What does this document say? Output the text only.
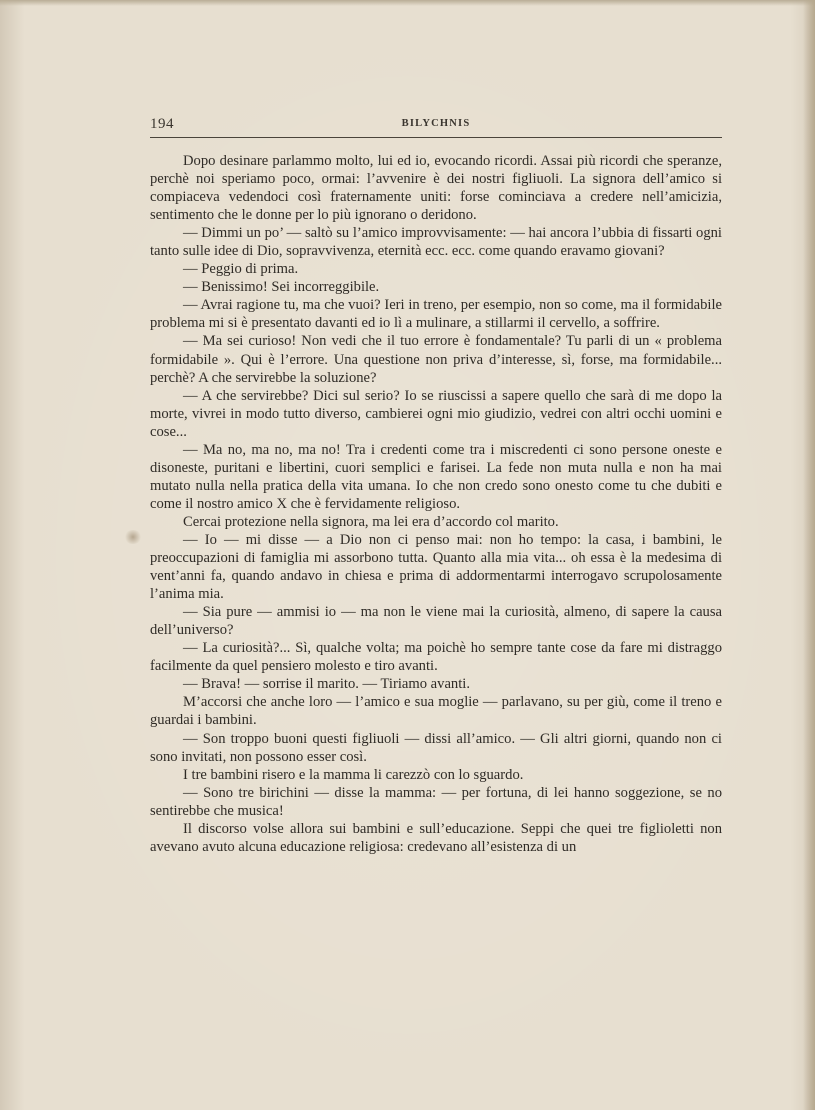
194	BILYCHNIS

Dopo desinare parlammo molto, lui ed io, evocando ricordi. Assai più ricordi che speranze, perchè noi speriamo poco, ormai: l’avvenire è dei nostri figliuoli. La signora dell’amico si compiaceva vedendoci così fraternamente uniti: forse cominciava a credere nell’amicizia, sentimento che le donne per lo più ignorano o deridono.

— Dimmi un po’ — saltò su l’amico improvvisamente: — hai ancora l’ubbia di fissarti ogni tanto sulle idee di Dio, sopravvivenza, eternità ecc. ecc. come quando eravamo giovani?

— Peggio di prima.

— Benissimo! Sei incorreggibile.

— Avrai ragione tu, ma che vuoi? Ieri in treno, per esempio, non so come, ma il formidabile problema mi si è presentato davanti ed io lì a mulinare, a stillarmi il cervello, a soffrire.

— Ma sei curioso! Non vedi che il tuo errore è fondamentale? Tu parli di un « problema formidabile ». Qui è l’errore. Una questione non priva d’interesse, sì, forse, ma formidabile... perchè? A che servirebbe la soluzione?

— A che servirebbe? Dici sul serio? Io se riuscissi a sapere quello che sarà di me dopo la morte, vivrei in modo tutto diverso, cambierei ogni mio giudizio, vedrei con altri occhi uomini e cose...

— Ma no, ma no, ma no! Tra i credenti come tra i miscredenti ci sono persone oneste e disoneste, puritani e libertini, cuori semplici e farisei. La fede non muta nulla e non ha mai mutato nulla nella pratica della vita umana. Io che non credo sono onesto come tu che dubiti e come il nostro amico X che è fervidamente religioso.

Cercai protezione nella signora, ma lei era d’accordo col marito.

— Io — mi disse — a Dio non ci penso mai: non ho tempo: la casa, i bambini, le preoccupazioni di famiglia mi assorbono tutta. Quanto alla mia vita... oh essa è la medesima di vent’anni fa, quando andavo in chiesa e prima di addormentarmi interrogavo scrupolosamente l’anima mia.

— Sia pure — ammisi io — ma non le viene mai la curiosità, almeno, di sapere la causa dell’universo?

— La curiosità?... Sì, qualche volta; ma poichè ho sempre tante cose da fare mi distraggo facilmente da quel pensiero molesto e tiro avanti.

— Brava! — sorrise il marito. — Tiriamo avanti.

M’accorsi che anche loro — l’amico e sua moglie — parlavano, su per giù, come il treno e guardai i bambini.

— Son troppo buoni questi figliuoli — dissi all’amico. — Gli altri giorni, quando non ci sono invitati, non possono esser così.

I tre bambini risero e la mamma li carezzò con lo sguardo.

— Sono tre birichini — disse la mamma: — per fortuna, di lei hanno soggezione, se no sentirebbe che musica!

Il discorso volse allora sui bambini e sull’educazione. Seppi che quei tre figlioletti non avevano avuto alcuna educazione religiosa: credevano all’esistenza di un
